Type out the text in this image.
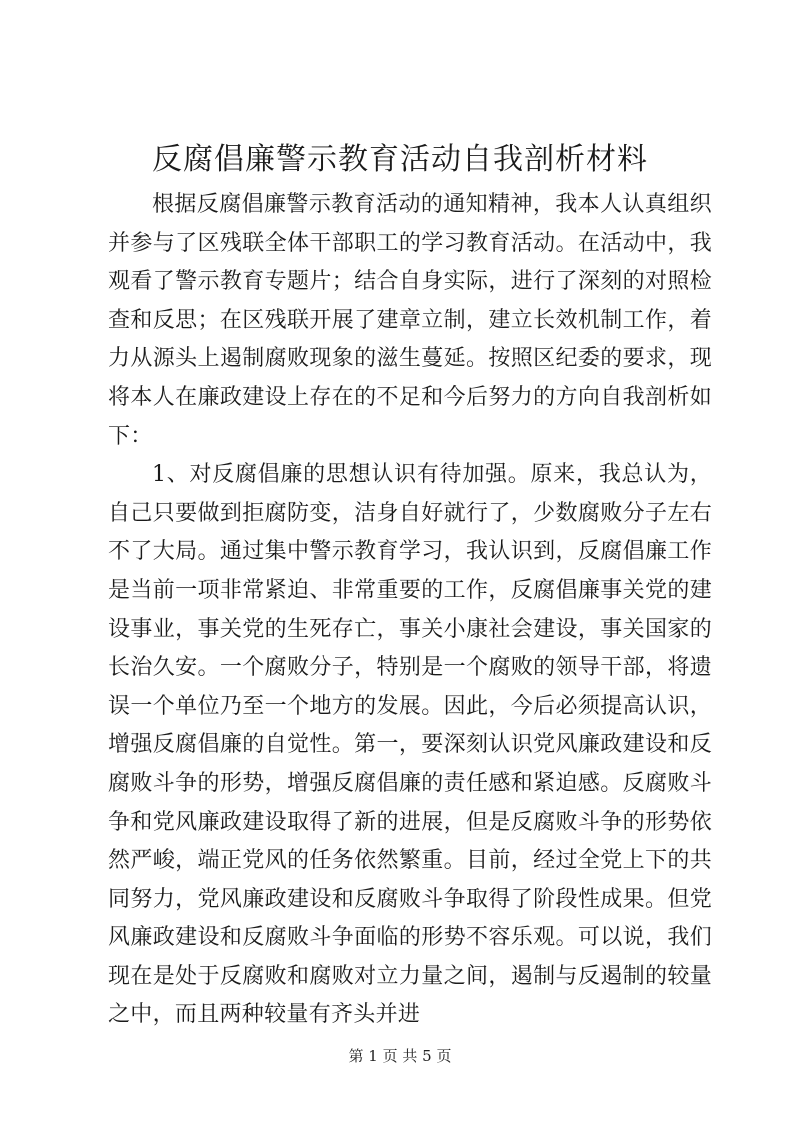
反腐倡廉警示教育活动自我剖析材料

根据反腐倡廉警示教育活动的通知精神，我本人认真组织并参与了区残联全体干部职工的学习教育活动。在活动中，我观看了警示教育专题片；结合自身实际，进行了深刻的对照检查和反思；在区残联开展了建章立制，建立长效机制工作，着力从源头上遏制腐败现象的滋生蔓延。按照区纪委的要求，现将本人在廉政建设上存在的不足和今后努力的方向自我剖析如下：

1、对反腐倡廉的思想认识有待加强。原来，我总认为，自己只要做到拒腐防变，洁身自好就行了，少数腐败分子左右不了大局。通过集中警示教育学习，我认识到，反腐倡廉工作是当前一项非常紧迫、非常重要的工作，反腐倡廉事关党的建设事业，事关党的生死存亡，事关小康社会建设，事关国家的长治久安。一个腐败分子，特别是一个腐败的领导干部，将遗误一个单位乃至一个地方的发展。因此，今后必须提高认识，增强反腐倡廉的自觉性。第一，要深刻认识党风廉政建设和反腐败斗争的形势，增强反腐倡廉的责任感和紧迫感。反腐败斗争和党风廉政建设取得了新的进展，但是反腐败斗争的形势依然严峻，端正党风的任务依然繁重。目前，经过全党上下的共同努力，党风廉政建设和反腐败斗争取得了阶段性成果。但党风廉政建设和反腐败斗争面临的形势不容乐观。可以说，我们现在是处于反腐败和腐败对立力量之间，遏制与反遏制的较量之中，而且两种较量有齐头并进

第 1 页 共 5 页
